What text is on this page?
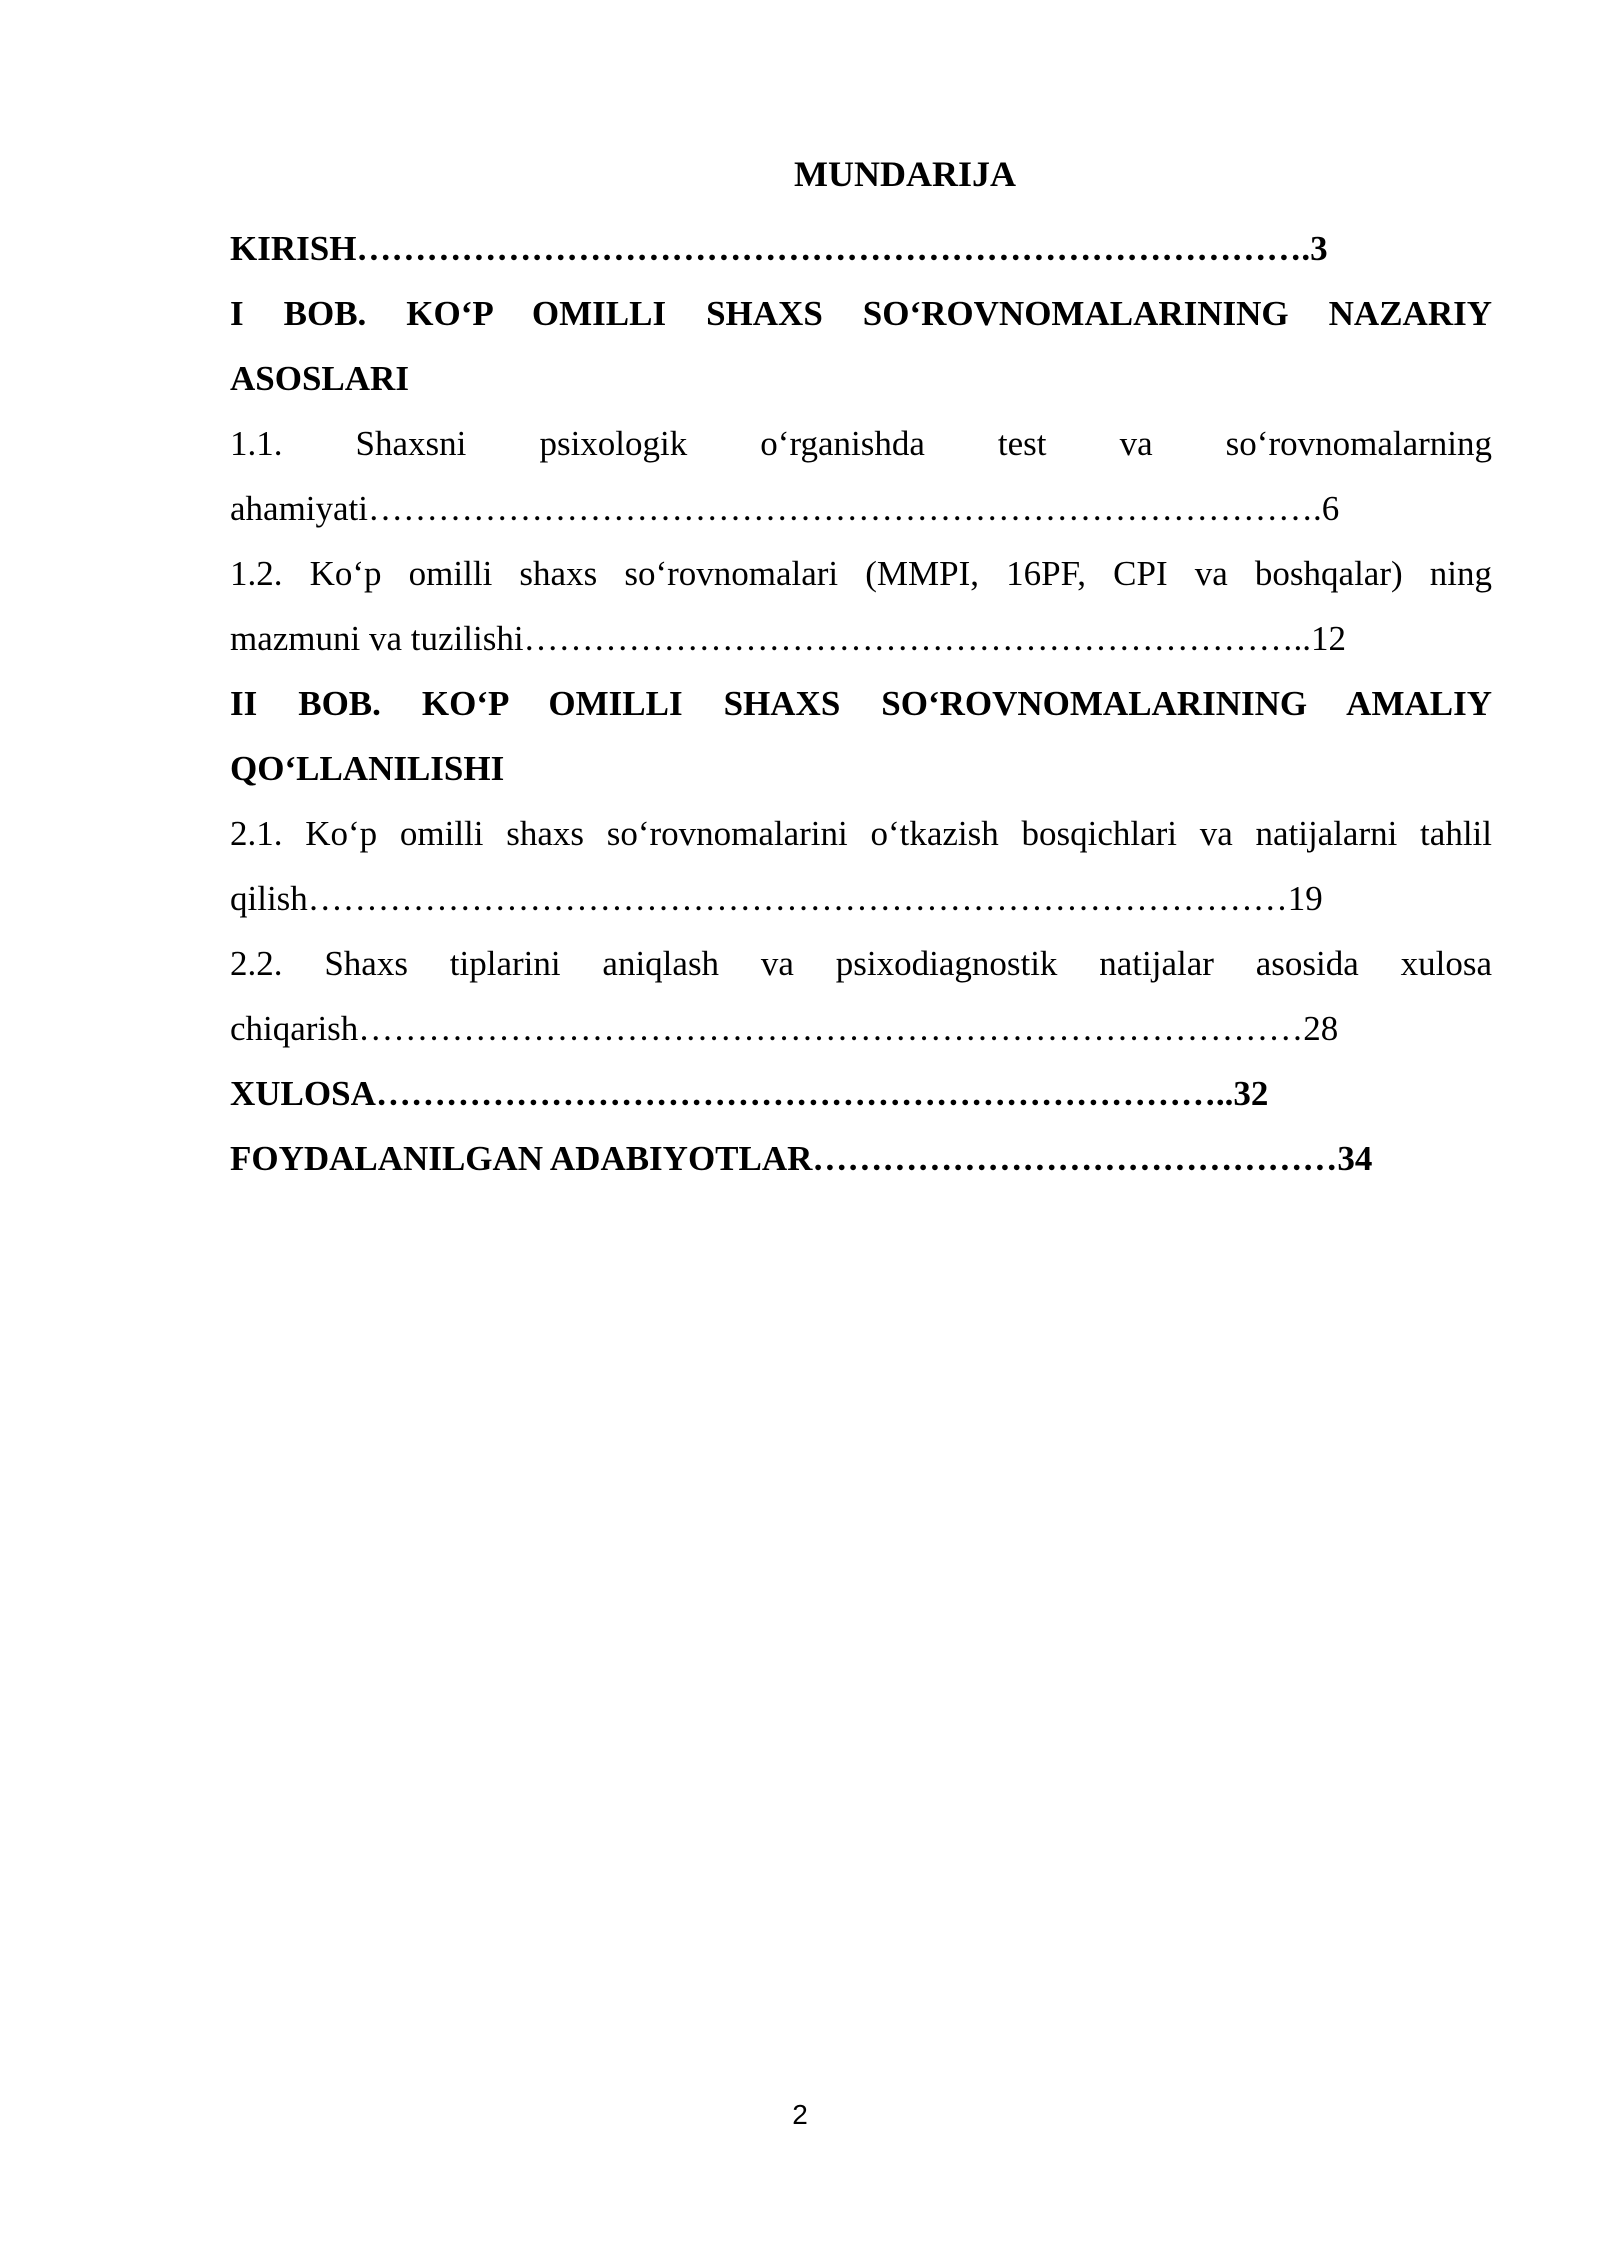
MUNDARIJA
KIRISH……………………………………………………………………….3
I BOB. KO‘P OMILLI SHAXS SO‘ROVNOMALARINING NAZARIY
ASOSLARI
1.1. Shaxsni psixologik o‘rganishda test va so‘rovnomalarning
ahamiyati……………………………………………………………………….6
1.2. Ko‘p omilli shaxs so‘rovnomalari (MMPI, 16PF, CPI va boshqalar) ning
mazmuni va tuzilishi…………………………………………………………..12
II BOB. KO‘P OMILLI SHAXS SO‘ROVNOMALARINING AMALIY
QO‘LLANILISHI
2.1. Ko‘p omilli shaxs so‘rovnomalarini o‘tkazish bosqichlari va natijalarni tahlil
qilish…………………………………………………………………………19
2.2. Shaxs tiplarini aniqlash va psixodiagnostik natijalar asosida xulosa
chiqarish………………………………………………………………………28
XULOSA………………………………………………………………..32
FOYDALANILGAN ADABIYOTLAR………………………………………34
2
